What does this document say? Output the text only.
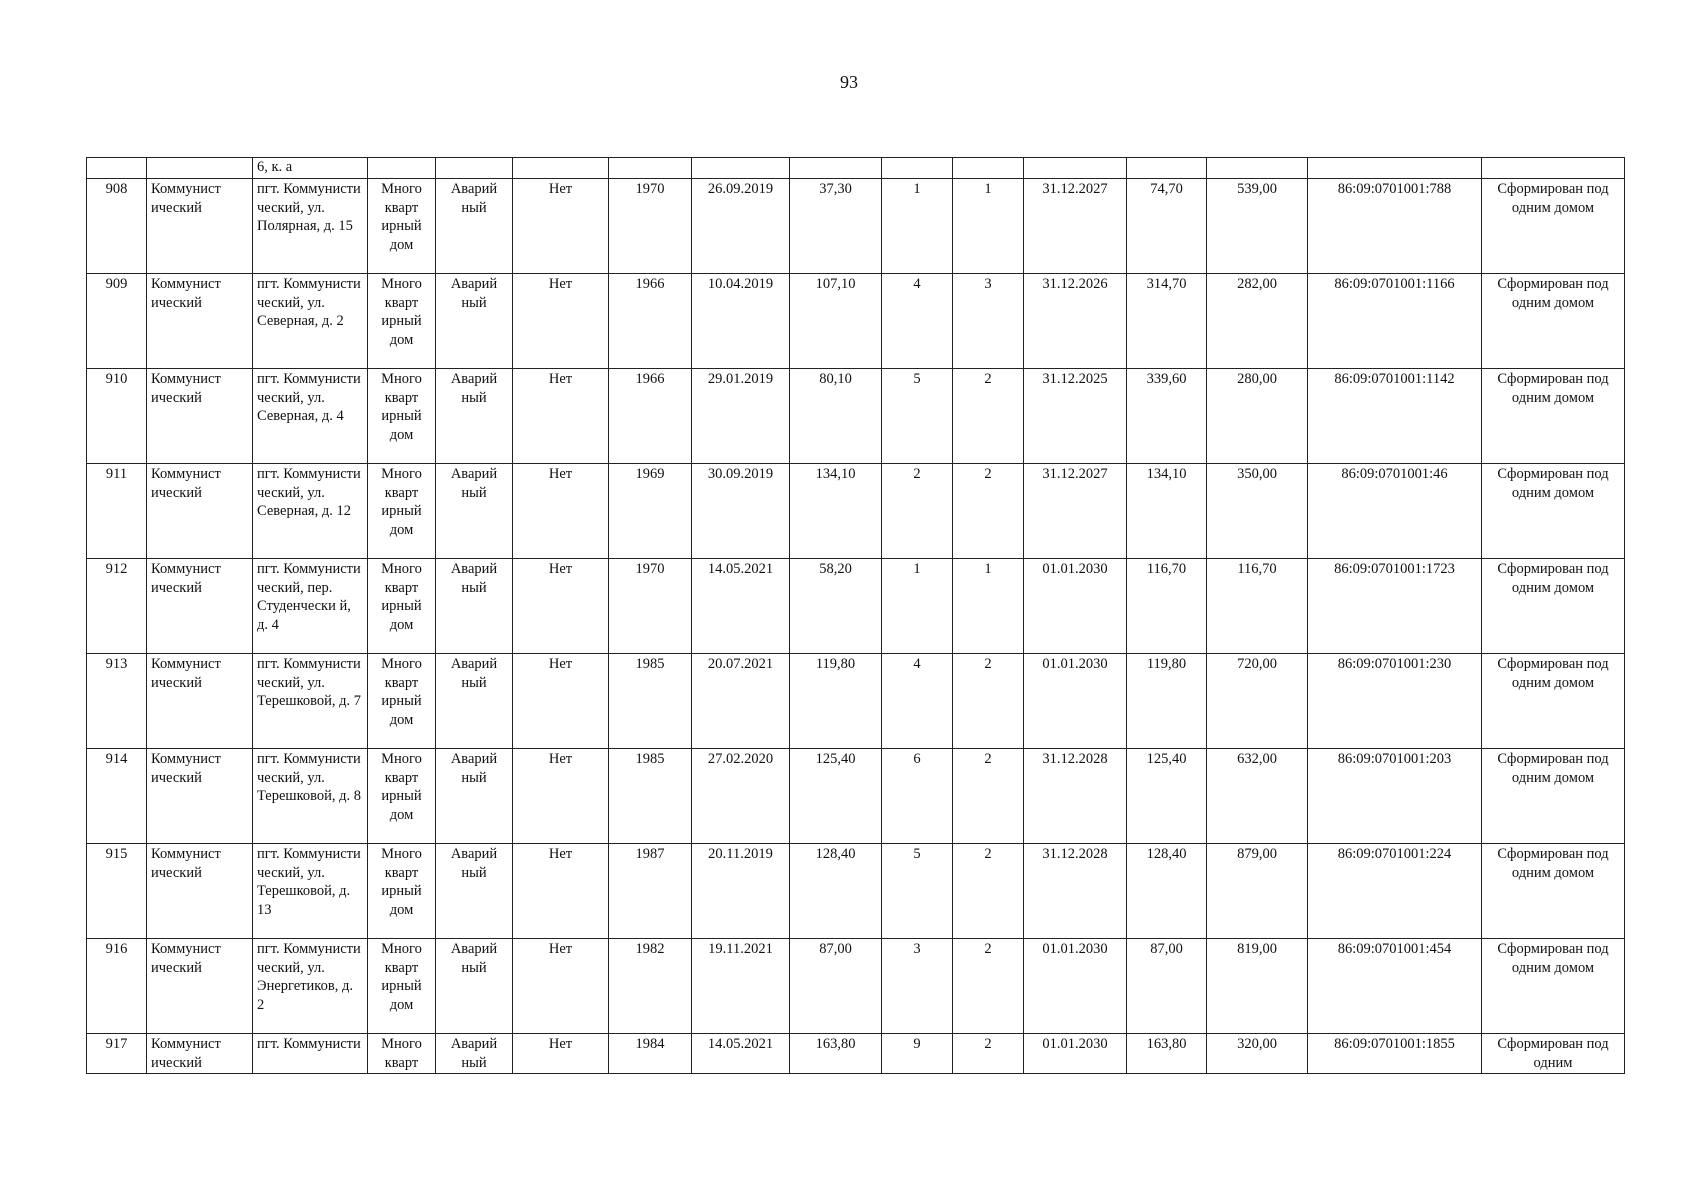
93
		6, к. а													
908	Коммунист ический	пгт. Коммунисти ческий, ул. Полярная, д. 15	Много кварт ирный дом	Аварий ный	Нет	1970	26.09.2019	37,30	1	1	31.12.2027	74,70	539,00	86:09:0701001:788	Сформирован под одним домом
909	Коммунист ический	пгт. Коммунисти ческий, ул. Северная, д. 2	Много кварт ирный дом	Аварий ный	Нет	1966	10.04.2019	107,10	4	3	31.12.2026	314,70	282,00	86:09:0701001:1166	Сформирован под одним домом
910	Коммунист ический	пгт. Коммунисти ческий, ул. Северная, д. 4	Много кварт ирный дом	Аварий ный	Нет	1966	29.01.2019	80,10	5	2	31.12.2025	339,60	280,00	86:09:0701001:1142	Сформирован под одним домом
911	Коммунист ический	пгт. Коммунисти ческий, ул. Северная, д. 12	Много кварт ирный дом	Аварий ный	Нет	1969	30.09.2019	134,10	2	2	31.12.2027	134,10	350,00	86:09:0701001:46	Сформирован под одним домом
912	Коммунист ический	пгт. Коммунисти ческий, пер. Студенчески й, д. 4	Много кварт ирный дом	Аварий ный	Нет	1970	14.05.2021	58,20	1	1	01.01.2030	116,70	116,70	86:09:0701001:1723	Сформирован под одним домом
913	Коммунист ический	пгт. Коммунисти ческий, ул. Терешковой, д. 7	Много кварт ирный дом	Аварий ный	Нет	1985	20.07.2021	119,80	4	2	01.01.2030	119,80	720,00	86:09:0701001:230	Сформирован под одним домом
914	Коммунист ический	пгт. Коммунисти ческий, ул. Терешковой, д. 8	Много кварт ирный дом	Аварий ный	Нет	1985	27.02.2020	125,40	6	2	31.12.2028	125,40	632,00	86:09:0701001:203	Сформирован под одним домом
915	Коммунист ический	пгт. Коммунисти ческий, ул. Терешковой, д. 13	Много кварт ирный дом	Аварий ный	Нет	1987	20.11.2019	128,40	5	2	31.12.2028	128,40	879,00	86:09:0701001:224	Сформирован под одним домом
916	Коммунист ический	пгт. Коммунисти ческий, ул. Энергетиков, д. 2	Много кварт ирный дом	Аварий ный	Нет	1982	19.11.2021	87,00	3	2	01.01.2030	87,00	819,00	86:09:0701001:454	Сформирован под одним домом
917	Коммунист ический	пгт. Коммунисти	Много кварт	Аварий ный	Нет	1984	14.05.2021	163,80	9	2	01.01.2030	163,80	320,00	86:09:0701001:1855	Сформирован под одним
